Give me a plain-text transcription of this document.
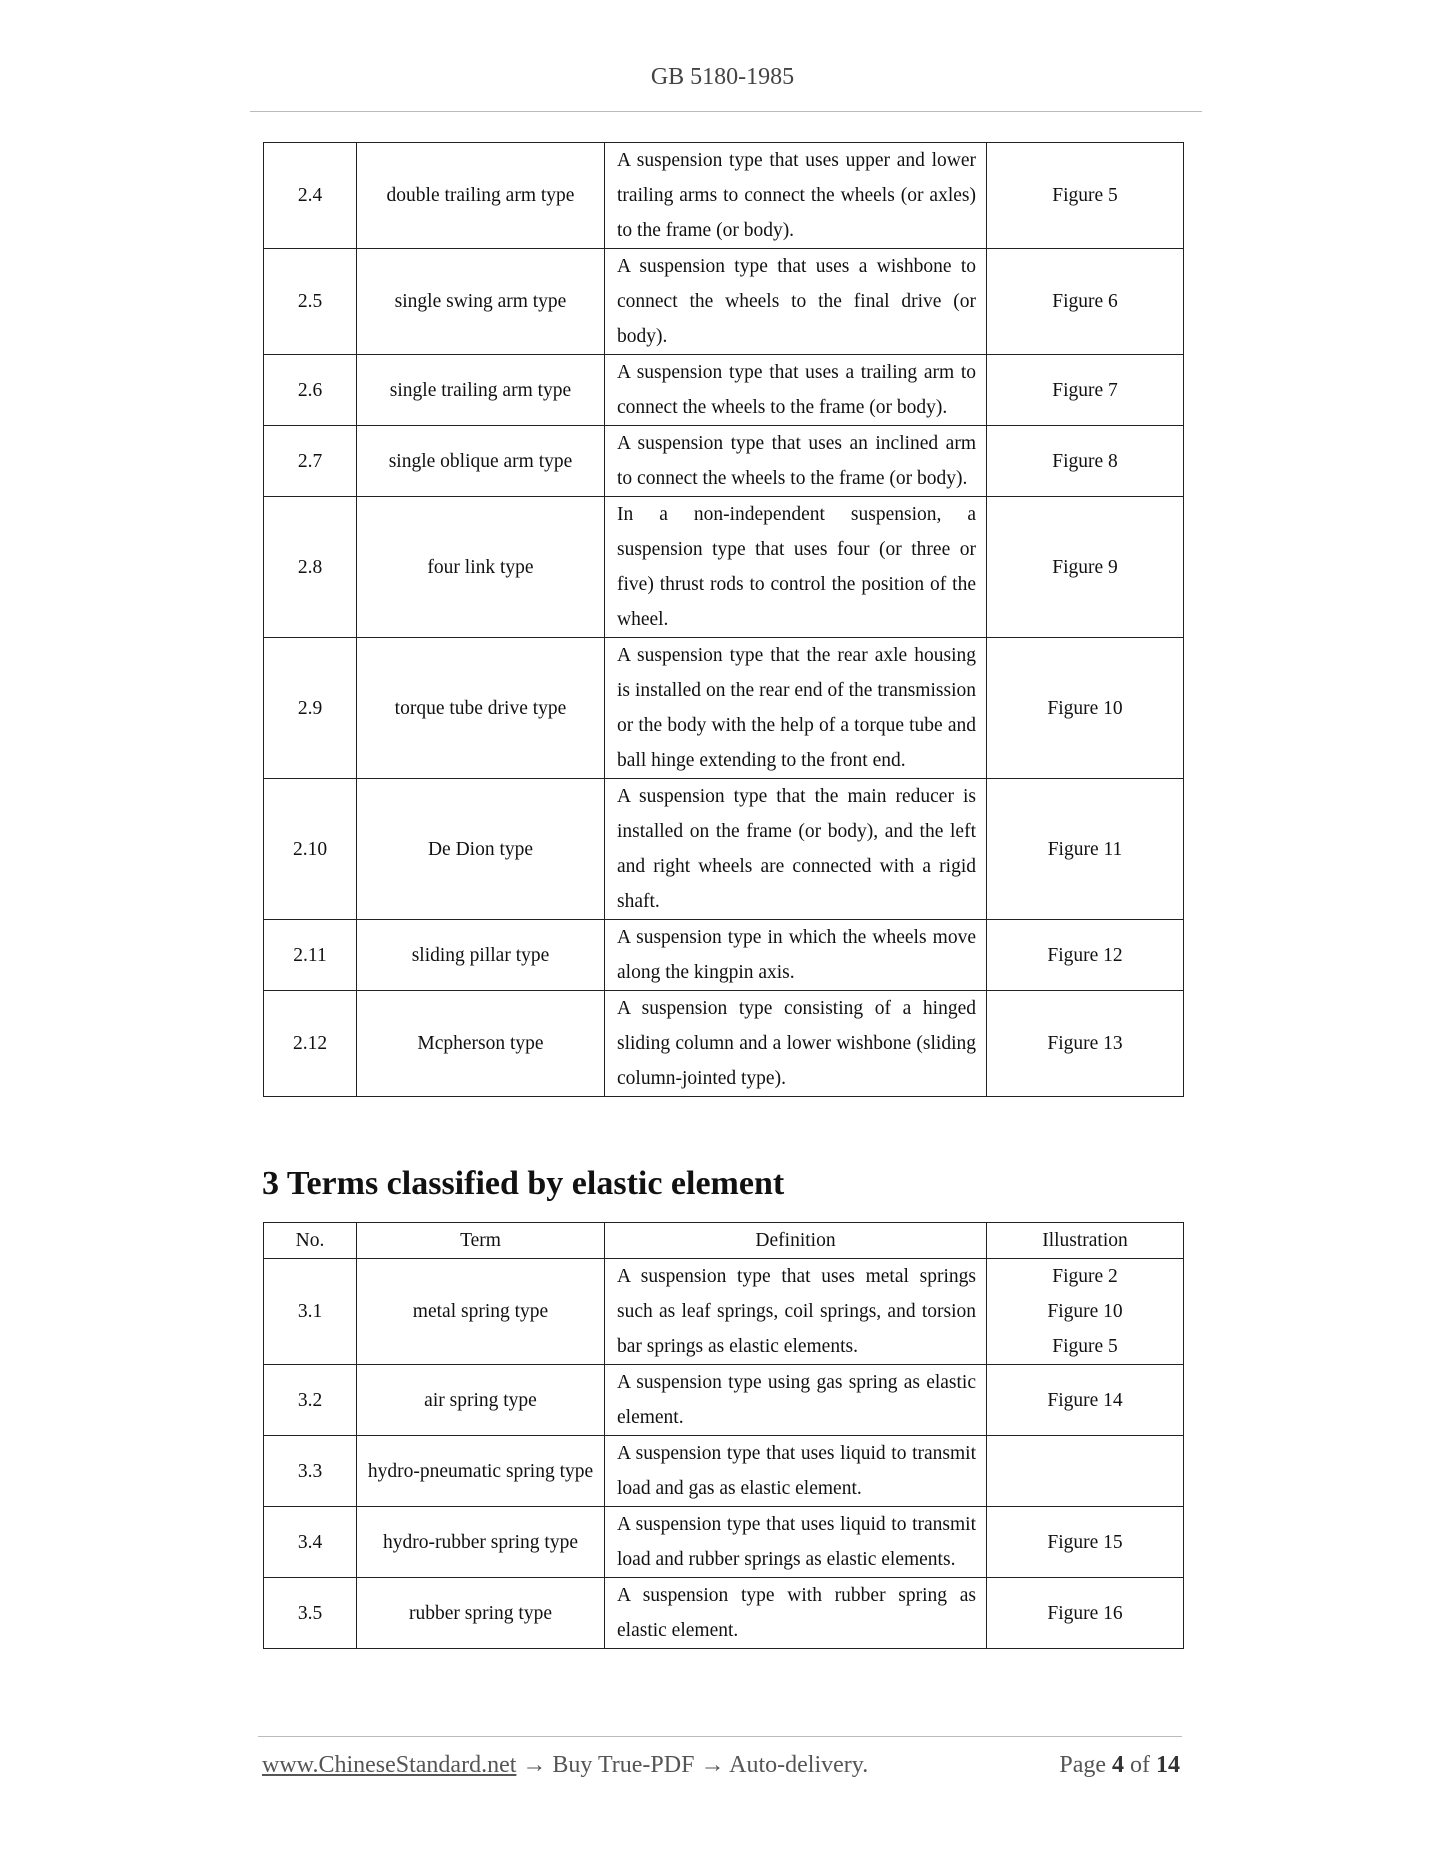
GB 5180-1985
2.4	double trailing arm type	A suspension type that uses upper and lower trailing arms to connect the wheels (or axles) to the frame (or body).	Figure 5

2.5	single swing arm type	A suspension type that uses a wishbone to connect the wheels to the final drive (or body).	Figure 6

2.6	single trailing arm type	A suspension type that uses a trailing arm to connect the wheels to the frame (or body).	Figure 7

2.7	single oblique arm type	A suspension type that uses an inclined arm to connect the wheels to the frame (or body).	Figure 8

2.8	four link type	In a non-independent suspension, a suspension type that uses four (or three or five) thrust rods to control the position of the wheel.	Figure 9

2.9	torque tube drive type	A suspension type that the rear axle housing is installed on the rear end of the transmission or the body with the help of a torque tube and ball hinge extending to the front end.	Figure 10

2.10	De Dion type	A suspension type that the main reducer is installed on the frame (or body), and the left and right wheels are connected with a rigid shaft.	Figure 11

2.11	sliding pillar type	A suspension type in which the wheels move along the kingpin axis.	Figure 12

2.12	Mcpherson type	A suspension type consisting of a hinged sliding column and a lower wishbone (sliding column-jointed type).	Figure 13
3 Terms classified by elastic element
No.	Term	Definition	Illustration
3.1	metal spring type	A suspension type that uses metal springs such as leaf springs, coil springs, and torsion bar springs as elastic elements.	Figure 2
Figure 10
Figure 5

3.2	air spring type	A suspension type using gas spring as elastic element.	Figure 14

3.3	hydro-pneumatic spring type	A suspension type that uses liquid to transmit load and gas as elastic element.	
3.4	hydro-rubber spring type	A suspension type that uses liquid to transmit load and rubber springs as elastic elements.	Figure 15

3.5	rubber spring type	A suspension type with rubber spring as elastic element.	Figure 16
www.ChineseStandard.net → Buy True-PDF → Auto-delivery.	Page 4 of 14
